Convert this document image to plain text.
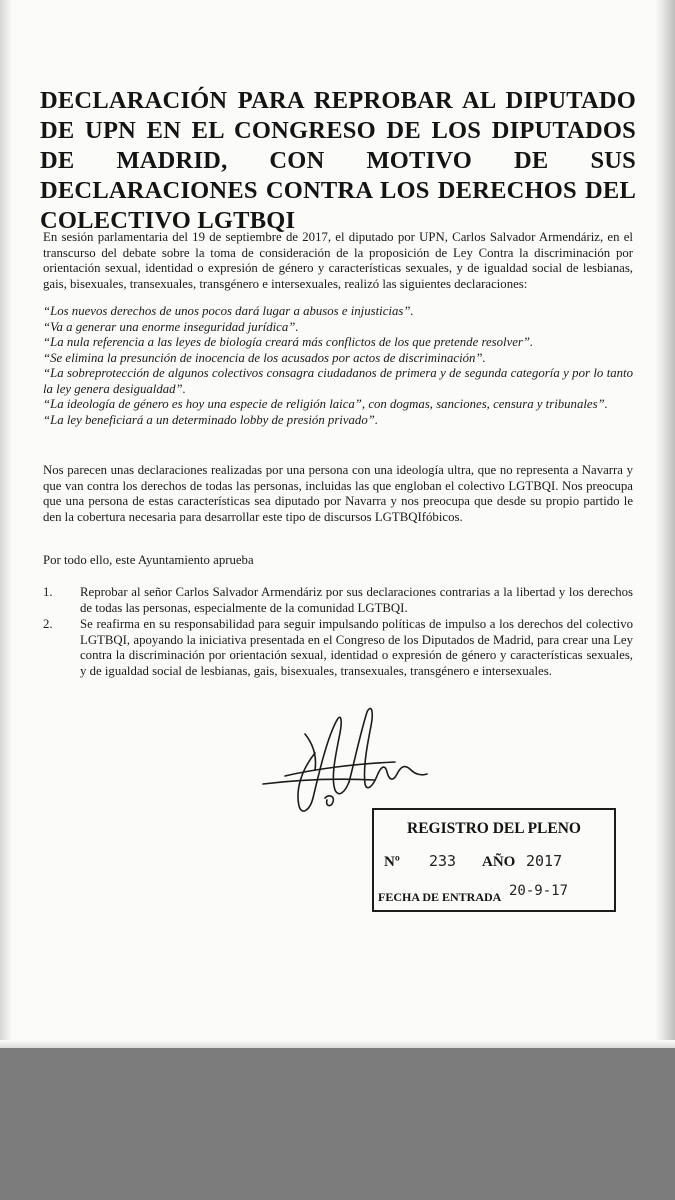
DECLARACIÓN PARA REPROBAR AL DIPUTADO DE UPN EN EL CONGRESO DE LOS DIPUTADOS DE MADRID, CON MOTIVO DE SUS DECLARACIONES CONTRA LOS DERECHOS DEL COLECTIVO LGTBQI

En sesión parlamentaria del 19 de septiembre de 2017, el diputado por UPN, Carlos Salvador Armendáriz, en el transcurso del debate sobre la toma de consideración de la proposición de Ley Contra la discriminación por orientación sexual, identidad o expresión de género y características sexuales, y de igualdad social de lesbianas, gais, bisexuales, transexuales, transgénero e intersexuales, realizó las siguientes declaraciones:

“Los nuevos derechos de unos pocos dará lugar a abusos e injusticias”.
“Va a generar una enorme inseguridad jurídica”.
“La nula referencia a las leyes de biología creará más conflictos de los que pretende resolver”.
“Se elimina la presunción de inocencia de los acusados por actos de discriminación”.
“La sobreprotección de algunos colectivos consagra ciudadanos de primera y de segunda categoría y por lo tanto la ley genera desigualdad”.
“La ideología de género es hoy una especie de religión laica”, con dogmas, sanciones, censura y tribunales”.
“La ley beneficiará a un determinado lobby de presión privado”.

Nos parecen unas declaraciones realizadas por una persona con una ideología ultra, que no representa a Navarra y que van contra los derechos de todas las personas, incluidas las que engloban el colectivo LGTBQI. Nos preocupa que una persona de estas características sea diputado por Navarra y nos preocupa que desde su propio partido le den la cobertura necesaria para desarrollar este tipo de discursos LGTBQIfóbicos.

Por todo ello, este Ayuntamiento aprueba

1. Reprobar al señor Carlos Salvador Armendáriz por sus declaraciones contrarias a la libertad y los derechos de todas las personas, especialmente de la comunidad LGTBQI.
2. Se reafirma en su responsabilidad para seguir impulsando políticas de impulso a los derechos del colectivo LGTBQI, apoyando la iniciativa presentada en el Congreso de los Diputados de Madrid, para crear una Ley contra la discriminación por orientación sexual, identidad o expresión de género y características sexuales, y de igualdad social de lesbianas, gais, bisexuales, transexuales, transgénero e intersexuales.
REGISTRO DEL PLENO
Nº 233 AÑO 2017
FECHA DE ENTRADA 20-9-17
